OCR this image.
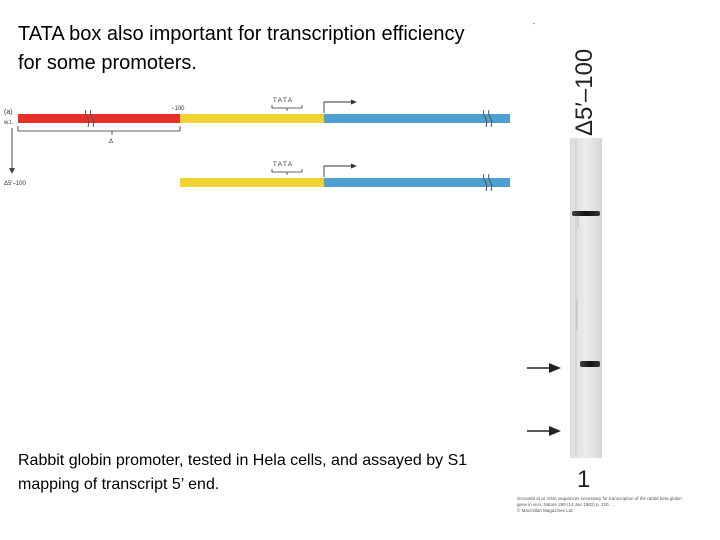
TATA box also important for transcription efficiency for some promoters.
(a)
w.t.
Δ5′–100
−100
T A T A
Δ
T A T A
-
Δ5′–100
1
Grosveld et al. DNA sequences necessary for transcription of the rabbit beta globin
gene in vivo. Nature 295 (14 Jan 1982) p. 120. ...
© Macmillan Magazines Ltd.
Rabbit globin promoter, tested in Hela cells, and assayed by S1 mapping of transcript 5’ end.
